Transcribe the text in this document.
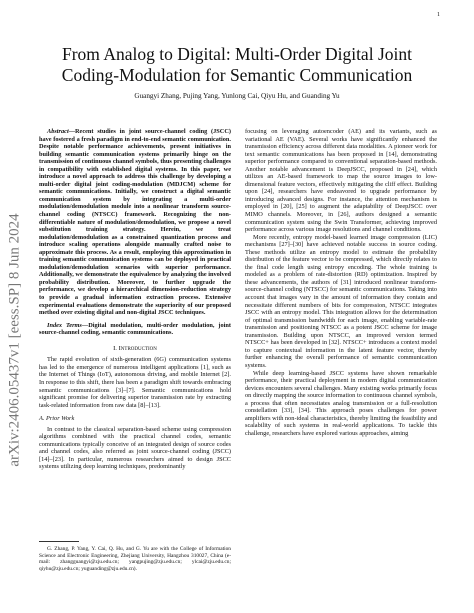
1
From Analog to Digital: Multi-Order Digital Joint Coding-Modulation for Semantic Communication
Guangyi Zhang, Pujing Yang, Yunlong Cai, Qiyu Hu, and Guanding Yu
arXiv:2406.05437v1 [eess.SP] 8 Jun 2024

Abstract—Recent studies in joint source-channel coding (JSCC) have fostered a fresh paradigm in end-to-end semantic communication. Despite notable performance achievements, present initiatives in building semantic communication systems primarily hinge on the transmission of continuous channel symbols, thus presenting challenges in compatibility with established digital systems. In this paper, we introduce a novel approach to address this challenge by developing a multi-order digital joint coding-modulation (MDJCM) scheme for semantic communications. Initially, we construct a digital semantic communication system by integrating a multi-order modulation/demodulation module into a nonlinear transform source-channel coding (NTSCC) framework. Recognizing the non-differentiable nature of modulation/demodulation, we propose a novel substitution training strategy. Herein, we treat modulation/demodulation as a constrained quantization process and introduce scaling operations alongside manually crafted noise to approximate this process. As a result, employing this approximation in training semantic communication systems can be deployed in practical modulation/demodulation scenarios with superior performance. Additionally, we demonstrate the equivalence by analyzing the involved probability distribution. Moreover, to further upgrade the performance, we develop a hierarchical dimension-reduction strategy to provide a gradual information extraction process. Extensive experimental evaluations demonstrate the superiority of our proposed method over existing digital and non-digital JSCC techniques.

Index Terms—Digital modulation, multi-order modulation, joint source-channel coding, semantic communications.

I. Introduction

The rapid evolution of sixth-generation (6G) communication systems has led to the emergence of numerous intelligent applications [1], such as the Internet of Things (IoT), autonomous driving, and mobile Internet [2]. In response to this shift, there has been a paradigm shift towards embracing semantic communications [3]–[7]. Semantic communications hold significant promise for delivering superior transmission rate by extracting task-related information from raw data [8]–[13].

A. Prior Work

In contrast to the classical separation-based scheme using compression algorithms combined with the practical channel codes, semantic communications typically conceive of an integrated design of source codes and channel codes, also referred as joint source-channel coding (JSCC) [14]–[23]. In particular, numerous researchers aimed to design JSCC systems utilizing deep learning techniques, predominantly

G. Zhang, P. Yang, Y. Cai, Q. Hu, and G. Yu are with the College of Information Science and Electronic Engineering, Zhejiang University, Hangzhou 310027, China (e-mail: zhangguangyi@zju.edu.cn; yangpujing@zju.edu.cn; ylcai@zju.edu.cn; qiyhu@zju.edu.cn; yuguanding@zju.edu.cn).

focusing on leveraging autoencoder (AE) and its variants, such as variational AE (VAE). Several works have significantly enhanced the transmission efficiency across different data modalities. A pioneer work for text semantic communications has been proposed in [14], demonstrating superior performance compared to conventional separation-based methods. Another notable advancement is DeepJSCC, proposed in [24], which utilizes an AE-based framework to map the source images to low-dimensional feature vectors, effectively mitigating the cliff effect. Building upon [24], researchers have endeavored to upgrade performance by introducing advanced designs. For instance, the attention mechanism is employed in [20], [25] to augment the adaptability of DeepJSCC over MIMO channels. Moreover, in [26], authors designed a semantic communication system using the Swin Transformer, achieving improved performance across various image resolutions and channel conditions.

More recently, entropy model-based learned image compression (LIC) mechanisms [27]–[30] have achieved notable success in source coding. These methods utilize an entropy model to estimate the probability distribution of the feature vector to be compressed, which directly relates to the final code length using entropy encoding. The whole training is modeled as a problem of rate-distortion (RD) optimization. Inspired by these advancements, the authors of [31] introduced nonlinear transform-source-channel coding (NTSCC) for semantic communications. Taking into account that images vary in the amount of information they contain and necessitate different numbers of bits for compression, NTSCC integrates JSCC with an entropy model. This integration allows for the determination of optimal transmission bandwidth for each image, enabling variable-rate transmission and positioning NTSCC as a potent JSCC scheme for image transmission. Building upon NTSCC, an improved version termed NTSCC+ has been developed in [32]. NTSCC+ introduces a context model to capture contextual information in the latent feature vector, thereby further enhancing the overall performance of semantic communication systems.

While deep learning-based JSCC systems have shown remarkable performance, their practical deployment in modern digital communication devices encounters several challenges. Many existing works primarily focus on directly mapping the source information to continuous channel symbols, a process that often necessitates analog transmission or a full-resolution constellation [33], [34]. This approach poses challenges for power amplifiers with non-ideal characteristics, thereby limiting the feasibility and scalability of such systems in real-world applications. To tackle this challenge, researchers have explored various approaches, aiming
